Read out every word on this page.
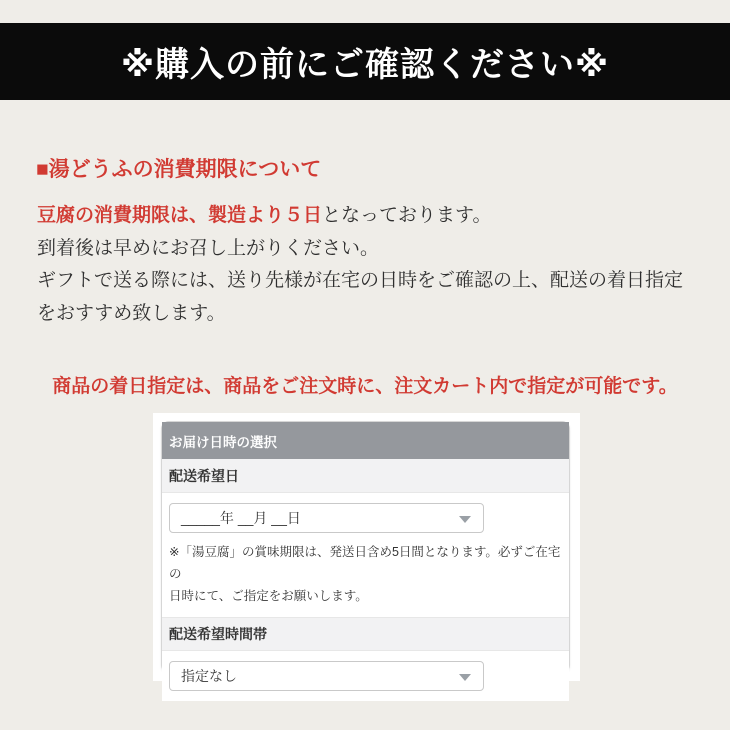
※購入の前にご確認ください※
■湯どうふの消費期限について
豆腐の消費期限は、製造より５日となっております。
到着後は早めにお召し上がりください。
ギフトで送る際には、送り先様が在宅の日時をご確認の上、配送の着日指定
をおすすめ致します。
商品の着日指定は、商品をご注文時に、注文カート内で指定が可能です。
お届け日時の選択
配送希望日
_____年 __月 __日
※「湯豆腐」の賞味期限は、発送日含め5日間となります。必ずご在宅の
日時にて、ご指定をお願いします。
配送希望時間帯
指定なし
